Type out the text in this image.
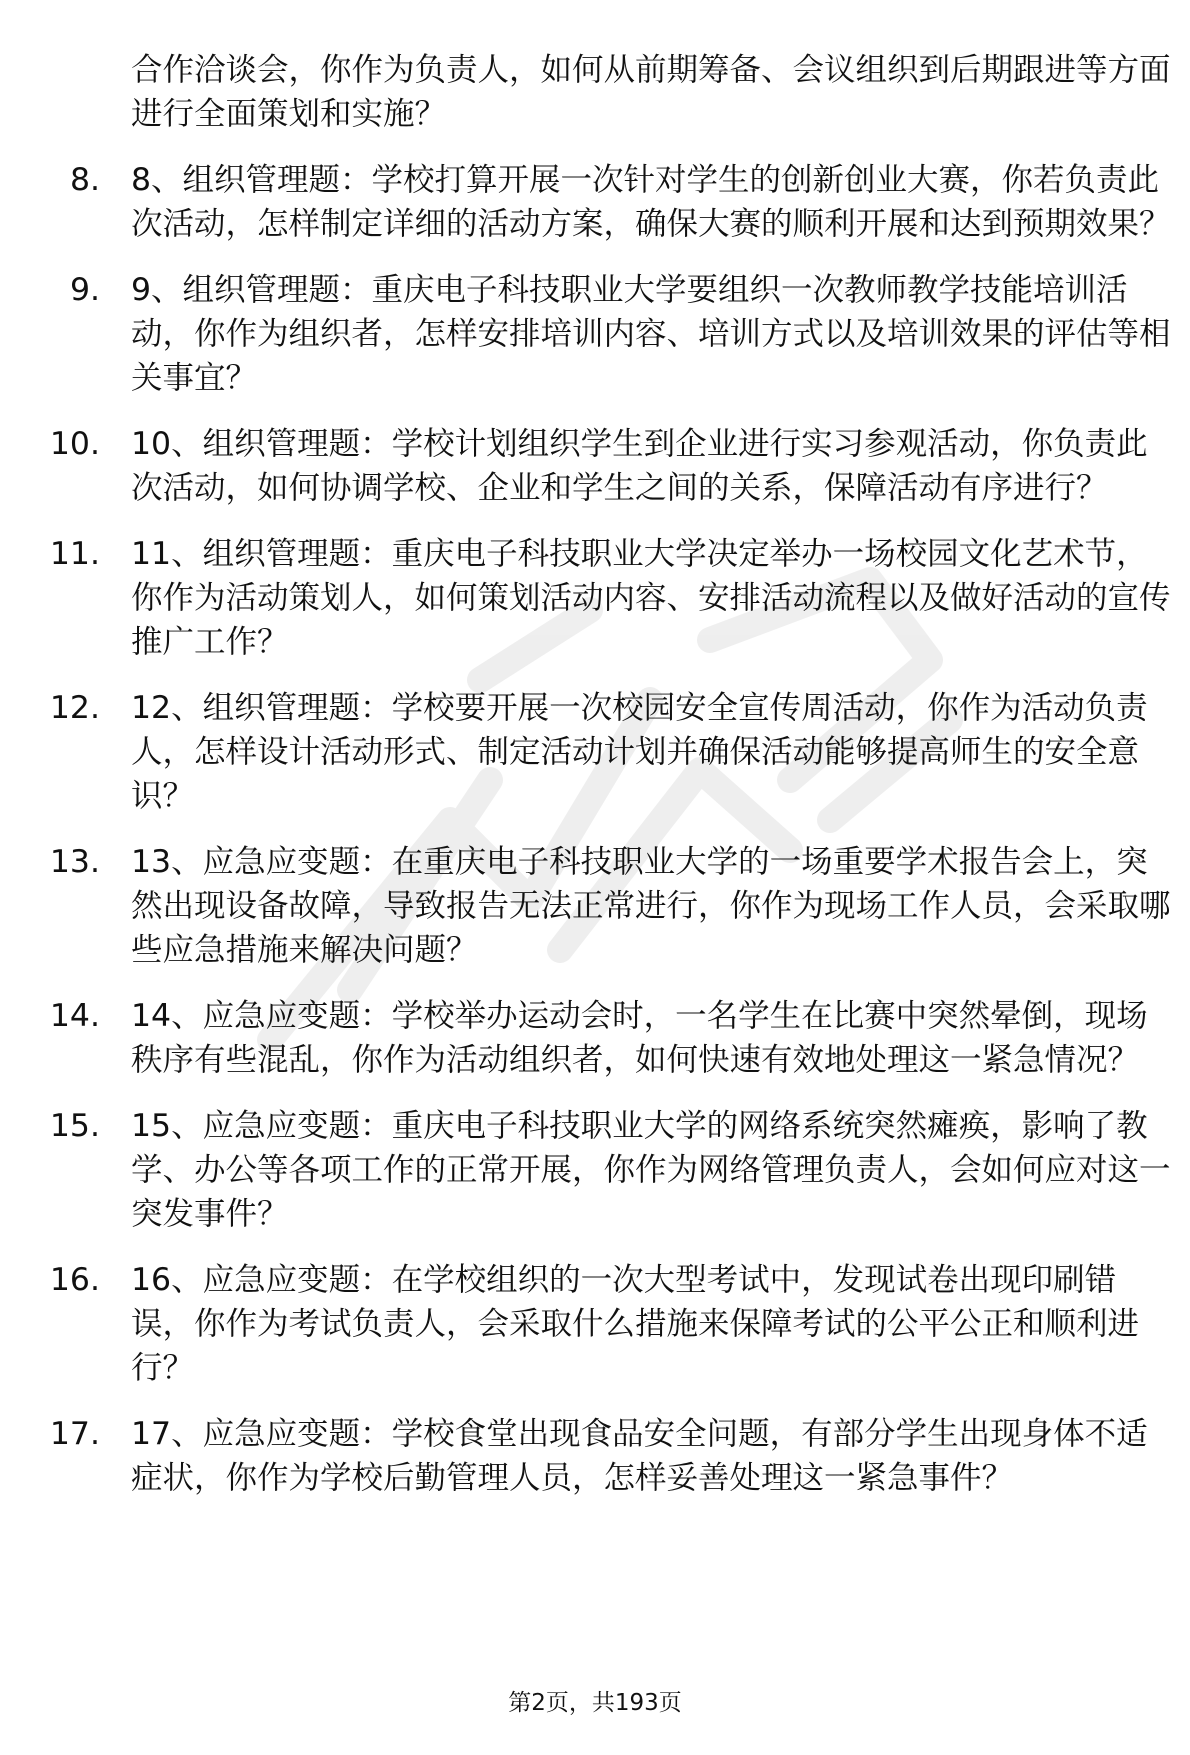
合作洽谈会，你作为负责人，如何从前期筹备、会议组织到后期跟进等方面进行全面策划和实施？
8. 8、组织管理题：学校打算开展一次针对学生的创新创业大赛，你若负责此次活动，怎样制定详细的活动方案，确保大赛的顺利开展和达到预期效果？
9. 9、组织管理题：重庆电子科技职业大学要组织一次教师教学技能培训活动，你作为组织者，怎样安排培训内容、培训方式以及培训效果的评估等相关事宜？
10. 10、组织管理题：学校计划组织学生到企业进行实习参观活动，你负责此次活动，如何协调学校、企业和学生之间的关系，保障活动有序进行？
11. 11、组织管理题：重庆电子科技职业大学决定举办一场校园文化艺术节，你作为活动策划人，如何策划活动内容、安排活动流程以及做好活动的宣传推广工作？
12. 12、组织管理题：学校要开展一次校园安全宣传周活动，你作为活动负责人，怎样设计活动形式、制定活动计划并确保活动能够提高师生的安全意识？
13. 13、应急应变题：在重庆电子科技职业大学的一场重要学术报告会上，突然出现设备故障，导致报告无法正常进行，你作为现场工作人员，会采取哪些应急措施来解决问题？
14. 14、应急应变题：学校举办运动会时，一名学生在比赛中突然晕倒，现场秩序有些混乱，你作为活动组织者，如何快速有效地处理这一紧急情况？
15. 15、应急应变题：重庆电子科技职业大学的网络系统突然瘫痪，影响了教学、办公等各项工作的正常开展，你作为网络管理负责人，会如何应对这一突发事件？
16. 16、应急应变题：在学校组织的一次大型考试中，发现试卷出现印刷错误，你作为考试负责人，会采取什么措施来保障考试的公平公正和顺利进行？
17. 17、应急应变题：学校食堂出现食品安全问题，有部分学生出现身体不适症状，你作为学校后勤管理人员，怎样妥善处理这一紧急事件？
第2页，共193页
